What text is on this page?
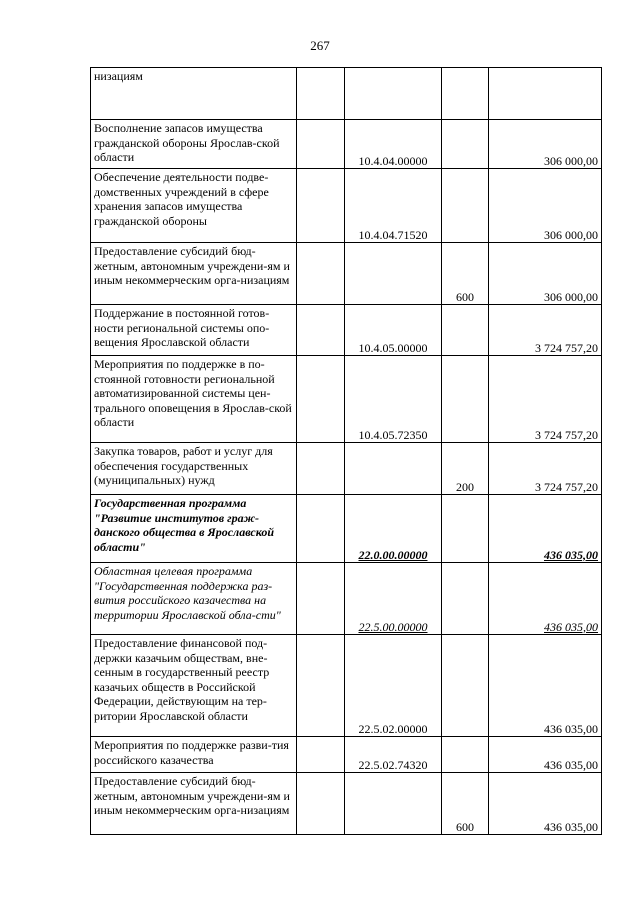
267
низациям				
Восполнение запасов имущества гражданской обороны Ярослав-ской области		10.4.04.00000		306 000,00
Обеспечение деятельности подве-домственных учреждений в сфере хранения запасов имущества гражданской обороны		10.4.04.71520		306 000,00
Предоставление субсидий бюд-жетным, автономным учреждени-ям и иным некоммерческим орга-низациям			600	306 000,00
Поддержание в постоянной готов-ности региональной системы опо-вещения Ярославской области		10.4.05.00000		3 724 757,20
Мероприятия по поддержке в по-стоянной готовности региональной автоматизированной системы цен-трального оповещения в Ярослав-ской области		10.4.05.72350		3 724 757,20
Закупка товаров, работ и услуг для обеспечения государственных (муниципальных) нужд			200	3 724 757,20
Государственная программа "Развитие институтов граж-данского общества в Ярославской области"		22.0.00.00000		436 035,00
Областная целевая программа "Государственная поддержка раз-вития российского казачества на территории Ярославской обла-сти"		22.5.00.00000		436 035,00
Предоставление финансовой под-держки казачьим обществам, вне-сенным в государственный реестр казачьих обществ в Российской Федерации, действующим на тер-ритории Ярославской области		22.5.02.00000		436 035,00
Мероприятия по поддержке разви-тия российского казачества		22.5.02.74320		436 035,00
Предоставление субсидий бюд-жетным, автономным учреждени-ям и иным некоммерческим орга-низациям			600	436 035,00
